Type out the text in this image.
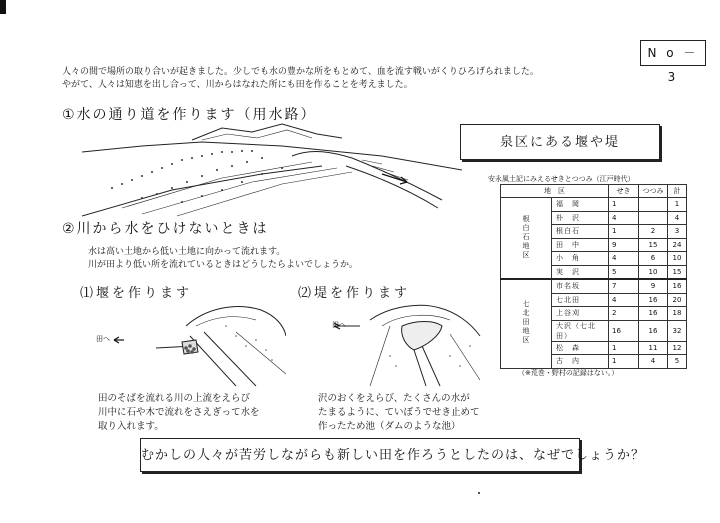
N o － 3
人々の間で場所の取り合いが起きました。少しでも水の豊かな所をもとめて、血を流す戦いがくりひろげられました。
やがて、人々は知恵を出し合って、川からはなれた所にも田を作ることを考えました。
①水の通り道を作ります（用水路）
泉区にある堰や堤
安永風土記にみえるせきとつつみ（江戸時代）
地　区		せき	つつみ	計
根白石地区	福　岡	1		1
	朴　沢	4		4
	根白石	1	2	3
	田　中	9	15	24
	小　角	4	6	10
	実　沢	5	10	15
七北田地区	市名坂	7	9	16
	七北田	4	16	20
	上谷刈	2	16	18
	大沢（七北田）	16	16	32
	松　森	1	11	12
	古　内	1	4	5
（※荒巻・野村の記録はない。）
②川から水をひけないときは
水は高い土地から低い土地に向かって流れます。
川が田より低い所を流れているときはどうしたらよいでしょうか。
⑴堰を作ります	⑵堤を作ります
田へ
田へ
田のそばを流れる川の上流をえらび
川中に石や木で流れをさえぎって水を
取り入れます。
沢のおくをえらび、たくさんの水が
たまるように、ていぼうでせき止めて
作ったため池（ダムのような池）
むかしの人々が苦労しながらも新しい田を作ろうとしたのは、なぜでしょうか？
